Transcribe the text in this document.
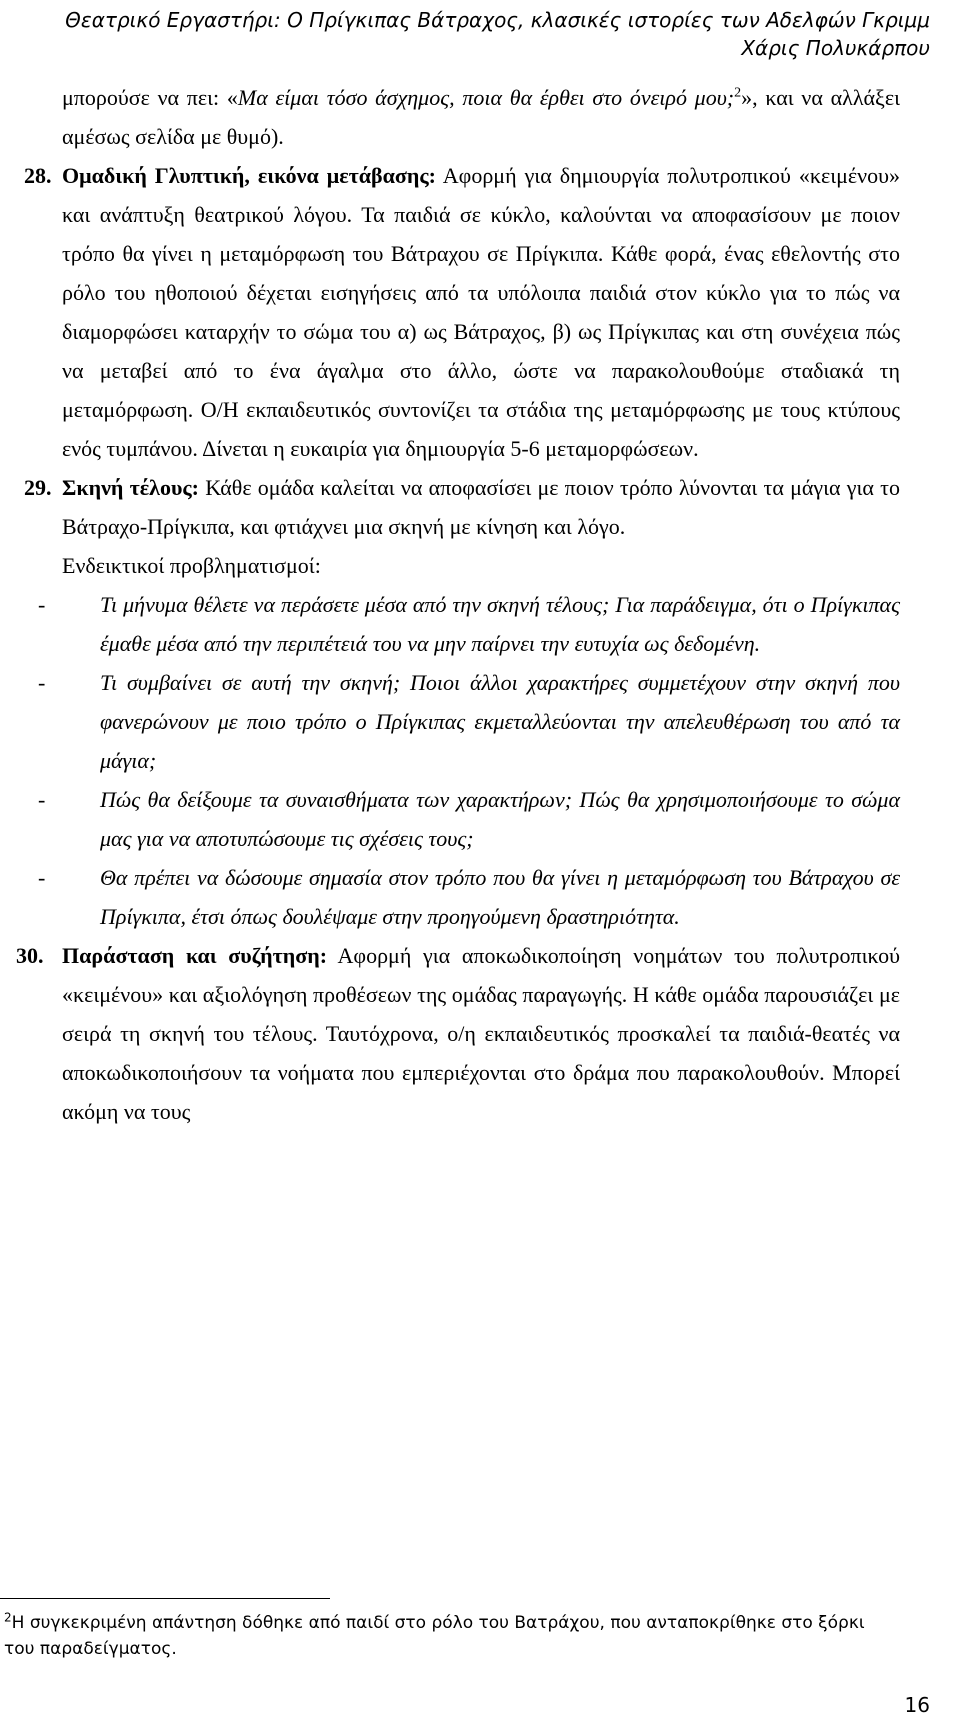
Θεατρικό Εργαστήρι: Ο Πρίγκιπας Βάτραχος, κλασικές ιστορίες των Αδελφών Γκριμμ
Χάρις Πολυκάρπου

μπορούσε να πει: «Μα είμαι τόσο άσχημος, ποια θα έρθει στο όνειρό μου;$^2$», και να αλλάξει αμέσως σελίδα με θυμό).

28. Ομαδική Γλυπτική, εικόνα μετάβασης: Αφορμή για δημιουργία πολυτροπικού «κειμένου» και ανάπτυξη θεατρικού λόγου. Τα παιδιά σε κύκλο, καλούνται να αποφασίσουν με ποιον τρόπο θα γίνει η μεταμόρφωση του Βάτραχου σε Πρίγκιπα. Κάθε φορά, ένας εθελοντής στο ρόλο του ηθοποιού δέχεται εισηγήσεις από τα υπόλοιπα παιδιά στον κύκλο για το πώς να διαμορφώσει καταρχήν το σώμα του α) ως Βάτραχος, β) ως Πρίγκιπας και στη συνέχεια πώς να μεταβεί από το ένα άγαλμα στο άλλο, ώστε να παρακολουθούμε σταδιακά τη μεταμόρφωση. Ο/Η εκπαιδευτικός συντονίζει τα στάδια της μεταμόρφωσης με τους κτύπους ενός τυμπάνου. Δίνεται η ευκαιρία για δημιουργία 5-6 μεταμορφώσεων.

29. Σκηνή τέλους: Κάθε ομάδα καλείται να αποφασίσει με ποιον τρόπο λύνονται τα μάγια για το Βάτραχο-Πρίγκιπα, και φτιάχνει μια σκηνή με κίνηση και λόγο.

Ενδεικτικοί προβληματισμοί:

- Τι μήνυμα θέλετε να περάσετε μέσα από την σκηνή τέλους; Για παράδειγμα, ότι ο Πρίγκιπας έμαθε μέσα από την περιπέτειά του να μην παίρνει την ευτυχία ως δεδομένη.
- Τι συμβαίνει σε αυτή την σκηνή; Ποιοι άλλοι χαρακτήρες συμμετέχουν στην σκηνή που φανερώνουν με ποιο τρόπο ο Πρίγκιπας εκμεταλλεύονται την απελευθέρωση του από τα μάγια;
- Πώς θα δείξουμε τα συναισθήματα των χαρακτήρων; Πώς θα χρησιμοποιήσουμε το σώμα μας για να αποτυπώσουμε τις σχέσεις τους;
- Θα πρέπει να δώσουμε σημασία στον τρόπο που θα γίνει η μεταμόρφωση του Βάτραχου σε Πρίγκιπα, έτσι όπως δουλέψαμε στην προηγούμενη δραστηριότητα.

30. Παράσταση και συζήτηση: Αφορμή για αποκωδικοποίηση νοημάτων του πολυτροπικού «κειμένου» και αξιολόγηση προθέσεων της ομάδας παραγωγής. Η κάθε ομάδα παρουσιάζει με σειρά τη σκηνή του τέλους. Ταυτόχρονα, ο/η εκπαιδευτικός προσκαλεί τα παιδιά-θεατές να αποκωδικοποιήσουν τα νοήματα που εμπεριέχονται στο δράμα που παρακολουθούν. Μπορεί ακόμη να τους

$^2$Η συγκεκριμένη απάντηση δόθηκε από παιδί στο ρόλο του Βατράχου, που ανταποκρίθηκε στο ξόρκι του παραδείγματος.
16
